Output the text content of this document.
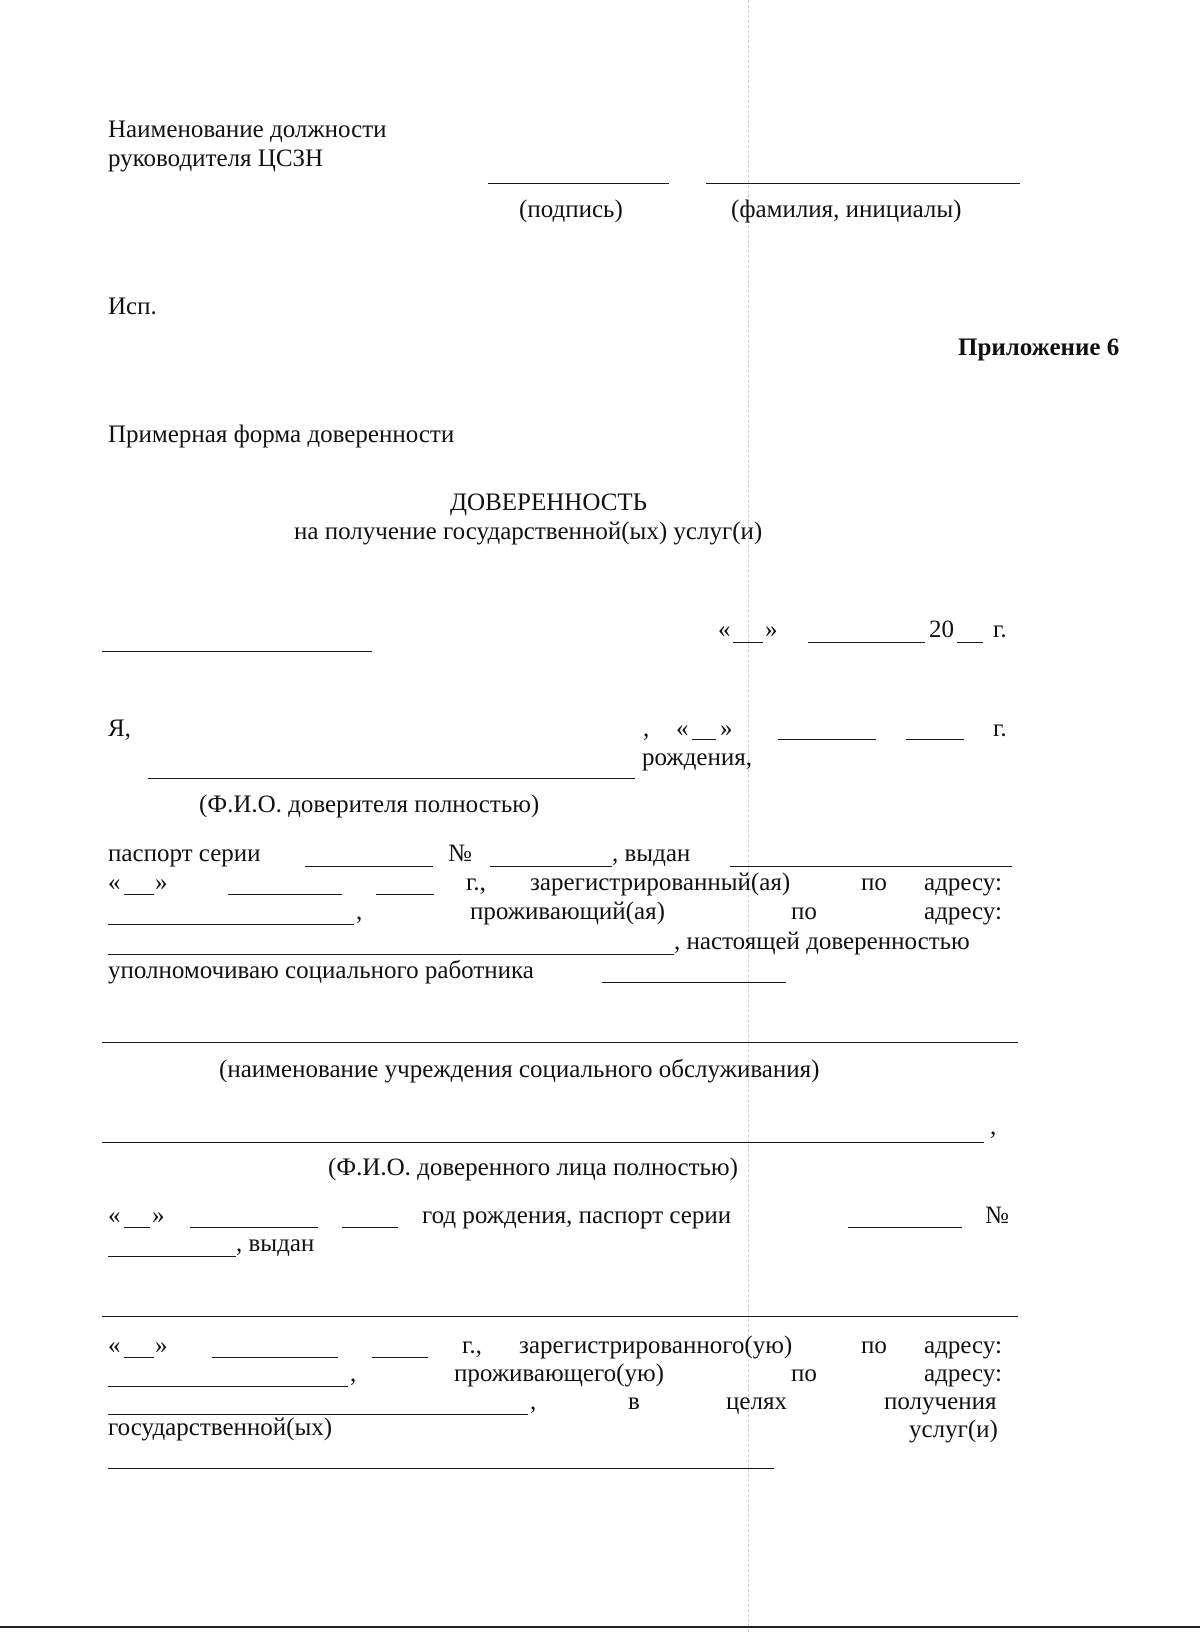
Наименование должности
руководителя ЦСЗН
(подпись)	(фамилия, инициалы)
Исп.
Приложение 6
Примерная форма доверенности
ДОВЕРЕННОСТЬ
на получение государственной(ых) услуг(и)
« »	20 г.
Я,	, « »	г.
рождения,
(Ф.И.О. доверителя полностью)
паспорт серии	№	, выдан
« »	г., зарегистрированный(ая)	по адресу:
,	проживающий(ая)	по	адресу:
, настоящей доверенностью
уполномочиваю социального работника
(наименование учреждения социального обслуживания)
,
(Ф.И.О. доверенного лица полностью)
« »	год рождения, паспорт серии	№
, выдан
« »	г., зарегистрированного(ую)	по адресу:
,	проживающего(ую)	по	адресу:
,	в	целях	получения
государственной(ых)	услуг(и)
